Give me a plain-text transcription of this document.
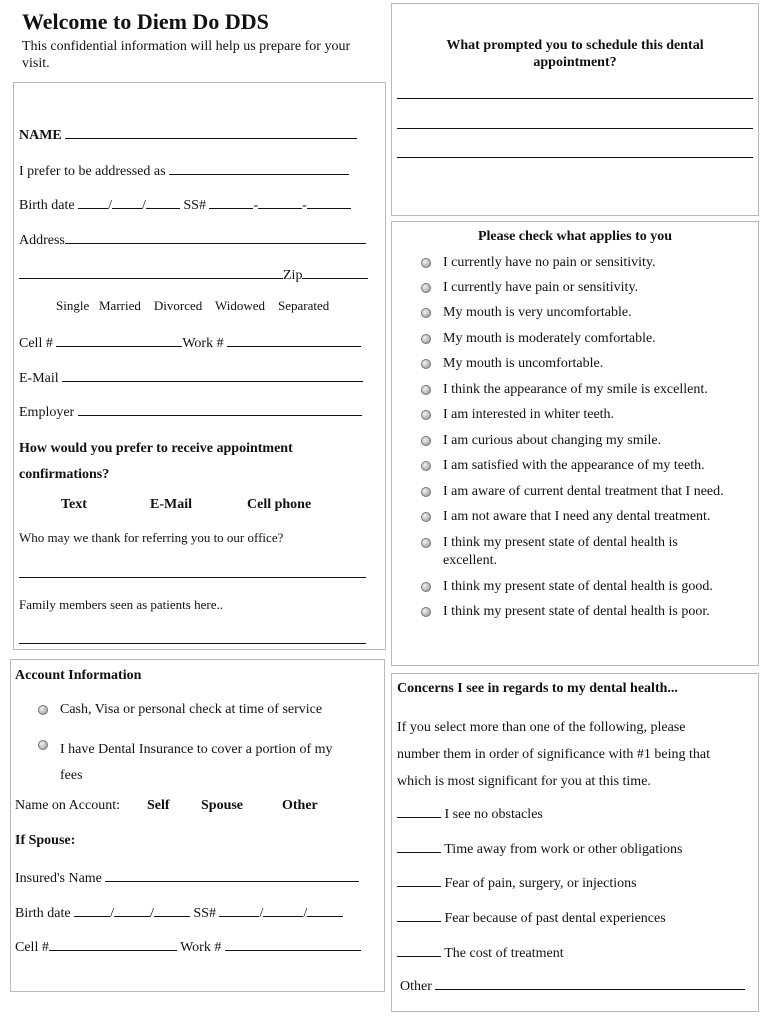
Welcome to Diem Do DDS
This confidential information will help us prepare for your
visit.
NAME
I prefer to be addressed as
Birth date / /	SS#	-	-
Address
Zip
Single Married Divorced Widowed Separated
Cell #	Work #
E-Mail
Employer
How would you prefer to receive appointment
confirmations?
Text	E-Mail	Cell phone
Who may we thank for referring you to our office?
Family members seen as patients here..
What prompted you to schedule this dental
appointment?
Please check what applies to you
I currently have no pain or sensitivity.
I currently have pain or sensitivity.
My mouth is very uncomfortable.
My mouth is moderately comfortable.
My mouth is uncomfortable.
I think the appearance of my smile is excellent.
I am interested in whiter teeth.
I am curious about changing my smile.
I am satisfied with the appearance of my teeth.
I am aware of current dental treatment that I need.
I am not aware that I need any dental treatment.
I think my present state of dental health is
excellent.
I think my present state of dental health is good.
I think my present state of dental health is poor.
Account Information
Cash, Visa or personal check at time of service
I have Dental Insurance to cover a portion of my
fees
Name on Account: Self Spouse	Other
If Spouse:
Insured's Name
Birth date	/	/	SS#	/	/
Cell #	Work #
Concerns I see in regards to my dental health...
If you select more than one of the following, please
number them in order of significance with #1 being that
which is most significant for you at this time.
I see no obstacles
Time away from work or other obligations
Fear of pain, surgery, or injections
Fear because of past dental experiences
The cost of treatment
Other
